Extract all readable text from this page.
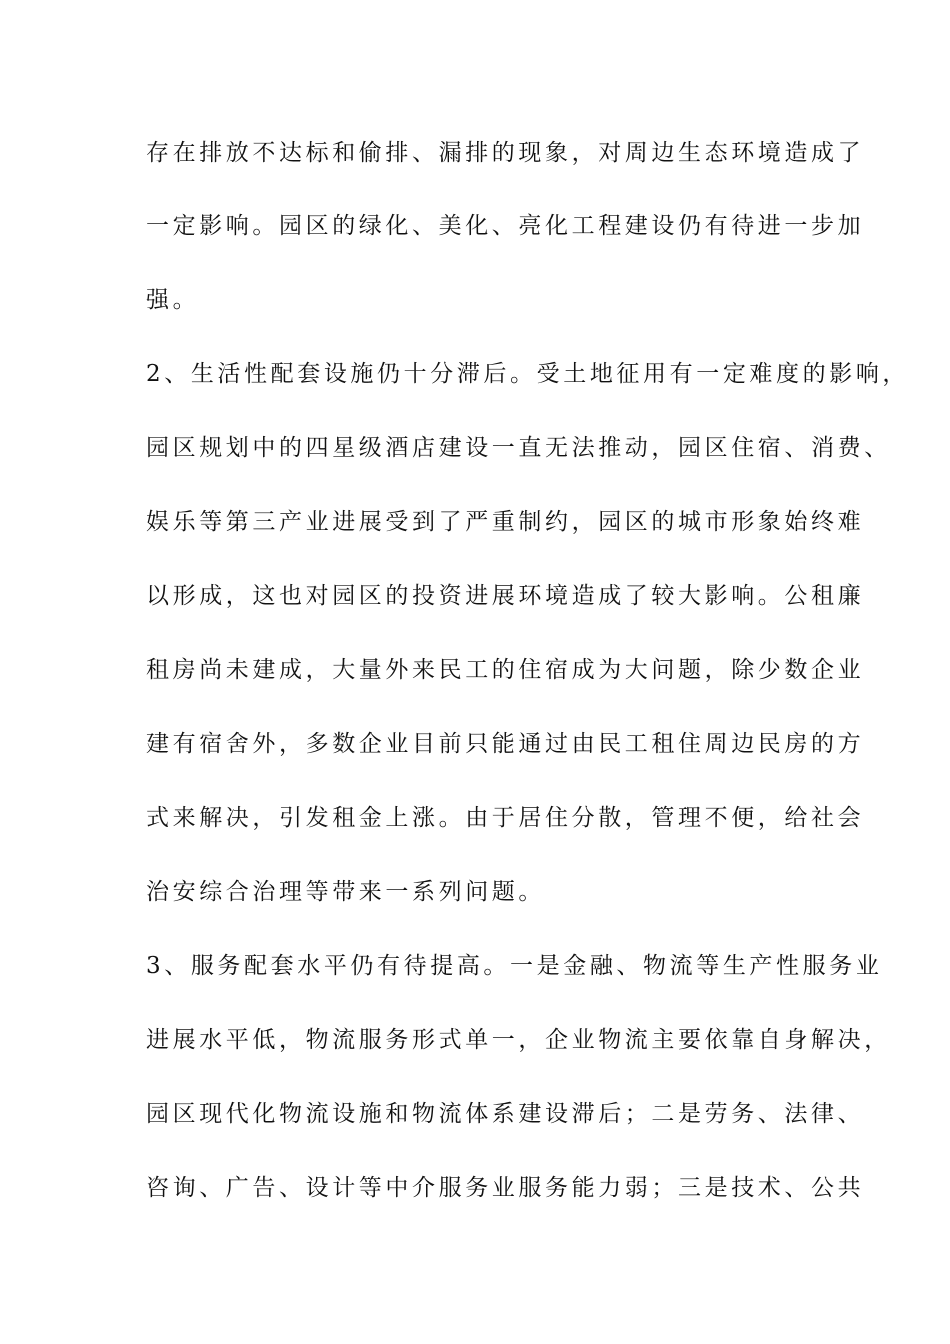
存在排放不达标和偷排、漏排的现象，对周边生态环境造成了
一定影响。园区的绿化、美化、亮化工程建设仍有待进一步加
强。
2、生活性配套设施仍十分滞后。受土地征用有一定难度的影响，
园区规划中的四星级酒店建设一直无法推动，园区住宿、消费、
娱乐等第三产业进展受到了严重制约，园区的城市形象始终难
以形成，这也对园区的投资进展环境造成了较大影响。公租廉
租房尚未建成，大量外来民工的住宿成为大问题，除少数企业
建有宿舍外，多数企业目前只能通过由民工租住周边民房的方
式来解决，引发租金上涨。由于居住分散，管理不便，给社会
治安综合治理等带来一系列问题。
3、服务配套水平仍有待提高。一是金融、物流等生产性服务业
进展水平低，物流服务形式单一，企业物流主要依靠自身解决，
园区现代化物流设施和物流体系建设滞后；二是劳务、法律、
咨询、广告、设计等中介服务业服务能力弱；三是技术、公共
